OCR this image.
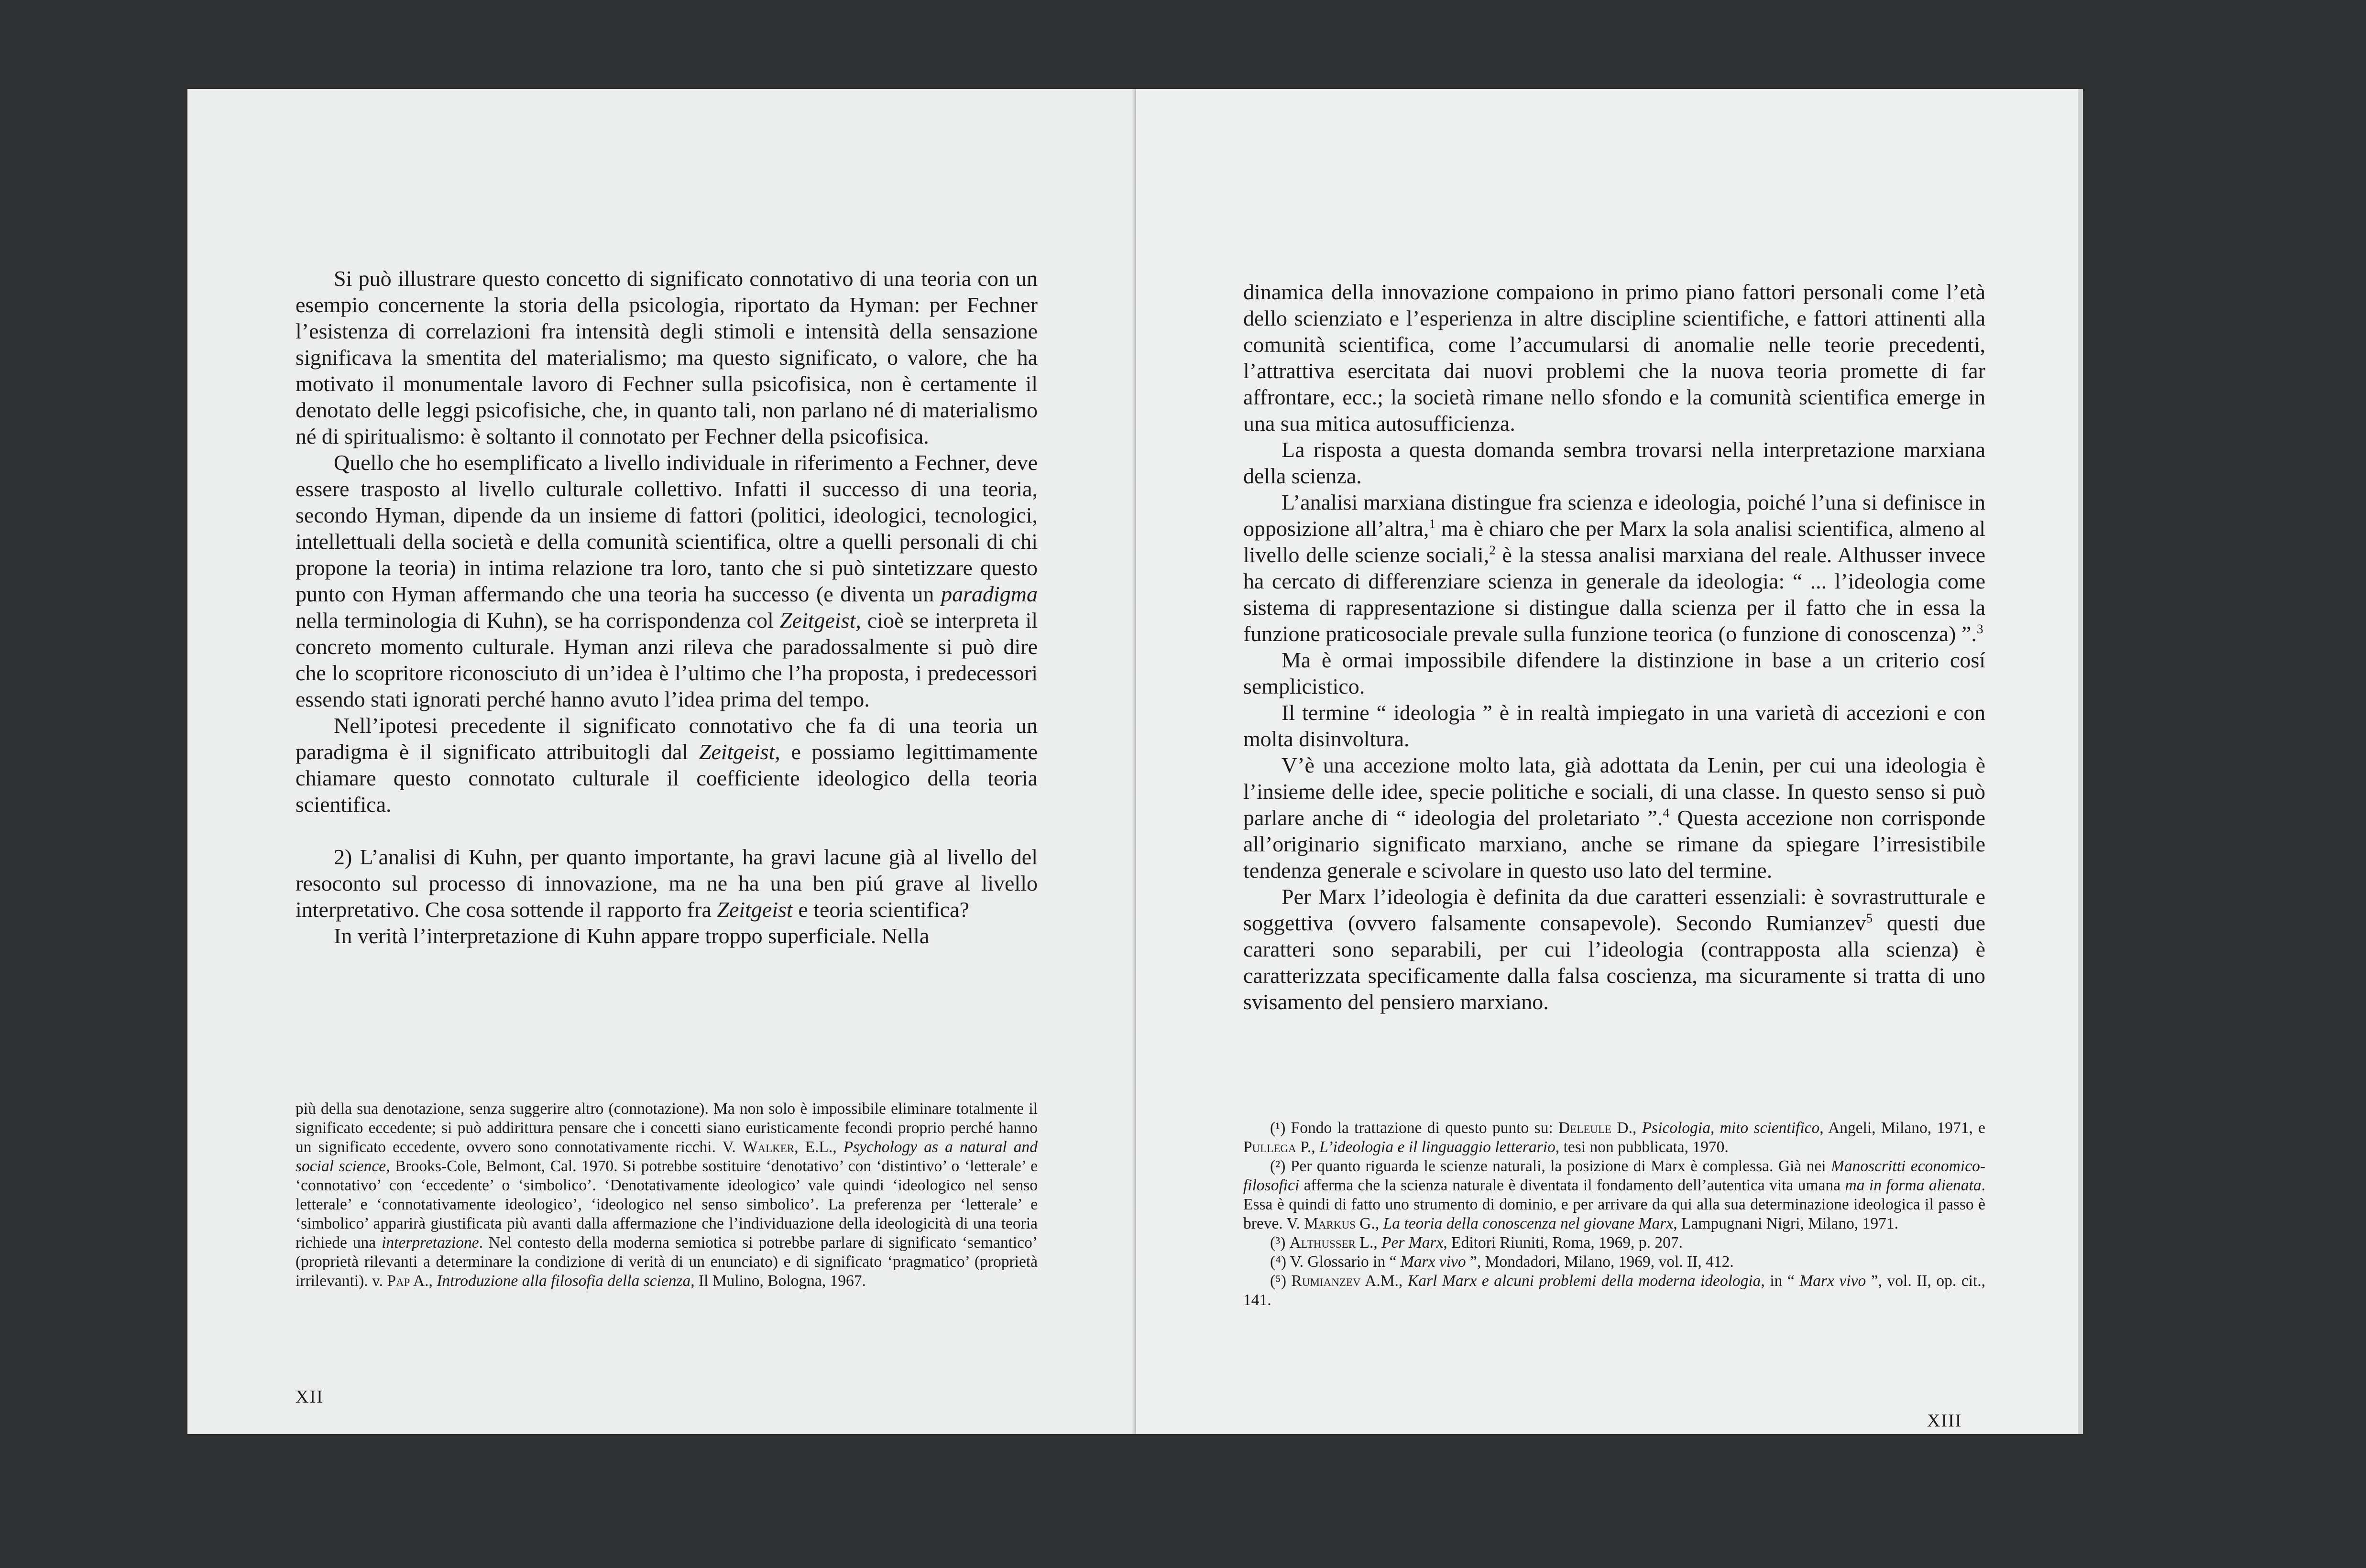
Si può illustrare questo concetto di significato connotativo di una teoria con un esempio concernente la storia della psicologia, riportato da Hyman: per Fechner l’esistenza di correlazioni fra intensità degli stimoli e intensità della sensazione significava la smentita del materialismo; ma questo significato, o valore, che ha motivato il monumentale lavoro di Fechner sulla psicofisica, non è certamente il denotato delle leggi psicofisiche, che, in quanto tali, non parlano né di materialismo né di spiritualismo: è soltanto il connotato per Fechner della psicofisica.

Quello che ho esemplificato a livello individuale in riferimento a Fechner, deve essere trasposto al livello culturale collettivo. Infatti il successo di una teoria, secondo Hyman, dipende da un insieme di fattori (politici, ideologici, tecnologici, intellettuali della società e della comunità scientifica, oltre a quelli personali di chi propone la teoria) in intima relazione tra loro, tanto che si può sintetizzare questo punto con Hyman affermando che una teoria ha successo (e diventa un paradigma nella terminologia di Kuhn), se ha corrispondenza col Zeitgeist, cioè se interpreta il concreto momento culturale. Hyman anzi rileva che paradossalmente si può dire che lo scopritore riconosciuto di un’idea è l’ultimo che l’ha proposta, i predecessori essendo stati ignorati perché hanno avuto l’idea prima del tempo.

Nell’ipotesi precedente il significato connotativo che fa di una teoria un paradigma è il significato attribuitogli dal Zeitgeist, e possiamo legittimamente chiamare questo connotato culturale il coefficiente ideologico della teoria scientifica.

2) L’analisi di Kuhn, per quanto importante, ha gravi lacune già al livello del resoconto sul processo di innovazione, ma ne ha una ben piú grave al livello interpretativo. Che cosa sottende il rapporto fra Zeitgeist e teoria scientifica?

In verità l’interpretazione di Kuhn appare troppo superficiale. Nella

più della sua denotazione, senza suggerire altro (connotazione). Ma non solo è impossibile eliminare totalmente il significato eccedente; si può addirittura pensare che i concetti siano euristicamente fecondi proprio perché hanno un significato eccedente, ovvero sono connotativamente ricchi. V. Walker, E.L., Psychology as a natural and social science, Brooks-Cole, Belmont, Cal. 1970. Si potrebbe sostituire ‘denotativo’ con ‘distintivo’ o ‘letterale’ e ‘connotativo’ con ‘eccedente’ o ‘simbolico’. ‘Denotativamente ideologico’ vale quindi ‘ideologico nel senso letterale’ e ‘connotativamente ideologico’, ‘ideologico nel senso simbolico’. La preferenza per ‘letterale’ e ‘simbolico’ apparirà giustificata più avanti dalla affermazione che l’individuazione della ideologicità di una teoria richiede una interpretazione. Nel contesto della moderna semiotica si potrebbe parlare di significato ‘semantico’ (proprietà rilevanti a determinare la condizione di verità di un enunciato) e di significato ‘pragmatico’ (proprietà irrilevanti). v. Pap A., Introduzione alla filosofia della scienza, Il Mulino, Bologna, 1967.

XII

dinamica della innovazione compaiono in primo piano fattori personali come l’età dello scienziato e l’esperienza in altre discipline scientifiche, e fattori attinenti alla comunità scientifica, come l’accumularsi di anomalie nelle teorie precedenti, l’attrattiva esercitata dai nuovi problemi che la nuova teoria promette di far affrontare, ecc.; la società rimane nello sfondo e la comunità scientifica emerge in una sua mitica autosufficienza.

La risposta a questa domanda sembra trovarsi nella interpretazione marxiana della scienza.

L’analisi marxiana distingue fra scienza e ideologia, poiché l’una si definisce in opposizione all’altra,$^1$ ma è chiaro che per Marx la sola analisi scientifica, almeno al livello delle scienze sociali,$^2$ è la stessa analisi marxiana del reale. Althusser invece ha cercato di differenziare scienza in generale da ideologia: “ ... l’ideologia come sistema di rappresentazione si distingue dalla scienza per il fatto che in essa la funzione praticosociale prevale sulla funzione teorica (o funzione di conoscenza) ”.$^3$

Ma è ormai impossibile difendere la distinzione in base a un criterio cosí semplicistico.

Il termine “ ideologia ” è in realtà impiegato in una varietà di accezioni e con molta disinvoltura.

V’è una accezione molto lata, già adottata da Lenin, per cui una ideologia è l’insieme delle idee, specie politiche e sociali, di una classe. In questo senso si può parlare anche di “ ideologia del proletariato ”.$^4$ Questa accezione non corrisponde all’originario significato marxiano, anche se rimane da spiegare l’irresistibile tendenza generale e scivolare in questo uso lato del termine.

Per Marx l’ideologia è definita da due caratteri essenziali: è sovrastrutturale e soggettiva (ovvero falsamente consapevole). Secondo Rumianzev$^5$ questi due caratteri sono separabili, per cui l’ideologia (contrapposta alla scienza) è caratterizzata specificamente dalla falsa coscienza, ma sicuramente si tratta di uno svisamento del pensiero marxiano.

(¹) Fondo la trattazione di questo punto su: Deleule D., Psicologia, mito scientifico, Angeli, Milano, 1971, e Pullega P., L’ideologia e il linguaggio letterario, tesi non pubblicata, 1970.

(²) Per quanto riguarda le scienze naturali, la posizione di Marx è complessa. Già nei Manoscritti economico-filosofici afferma che la scienza naturale è diventata il fondamento dell’autentica vita umana ma in forma alienata. Essa è quindi di fatto uno strumento di dominio, e per arrivare da qui alla sua determinazione ideologica il passo è breve. V. Markus G., La teoria della conoscenza nel giovane Marx, Lampugnani Nigri, Milano, 1971.

(³) Althusser L., Per Marx, Editori Riuniti, Roma, 1969, p. 207.

(⁴) V. Glossario in “ Marx vivo ”, Mondadori, Milano, 1969, vol. II, 412.

(⁵) Rumianzev A.M., Karl Marx e alcuni problemi della moderna ideologia, in “ Marx vivo ”, vol. II, op. cit., 141.

XIII
